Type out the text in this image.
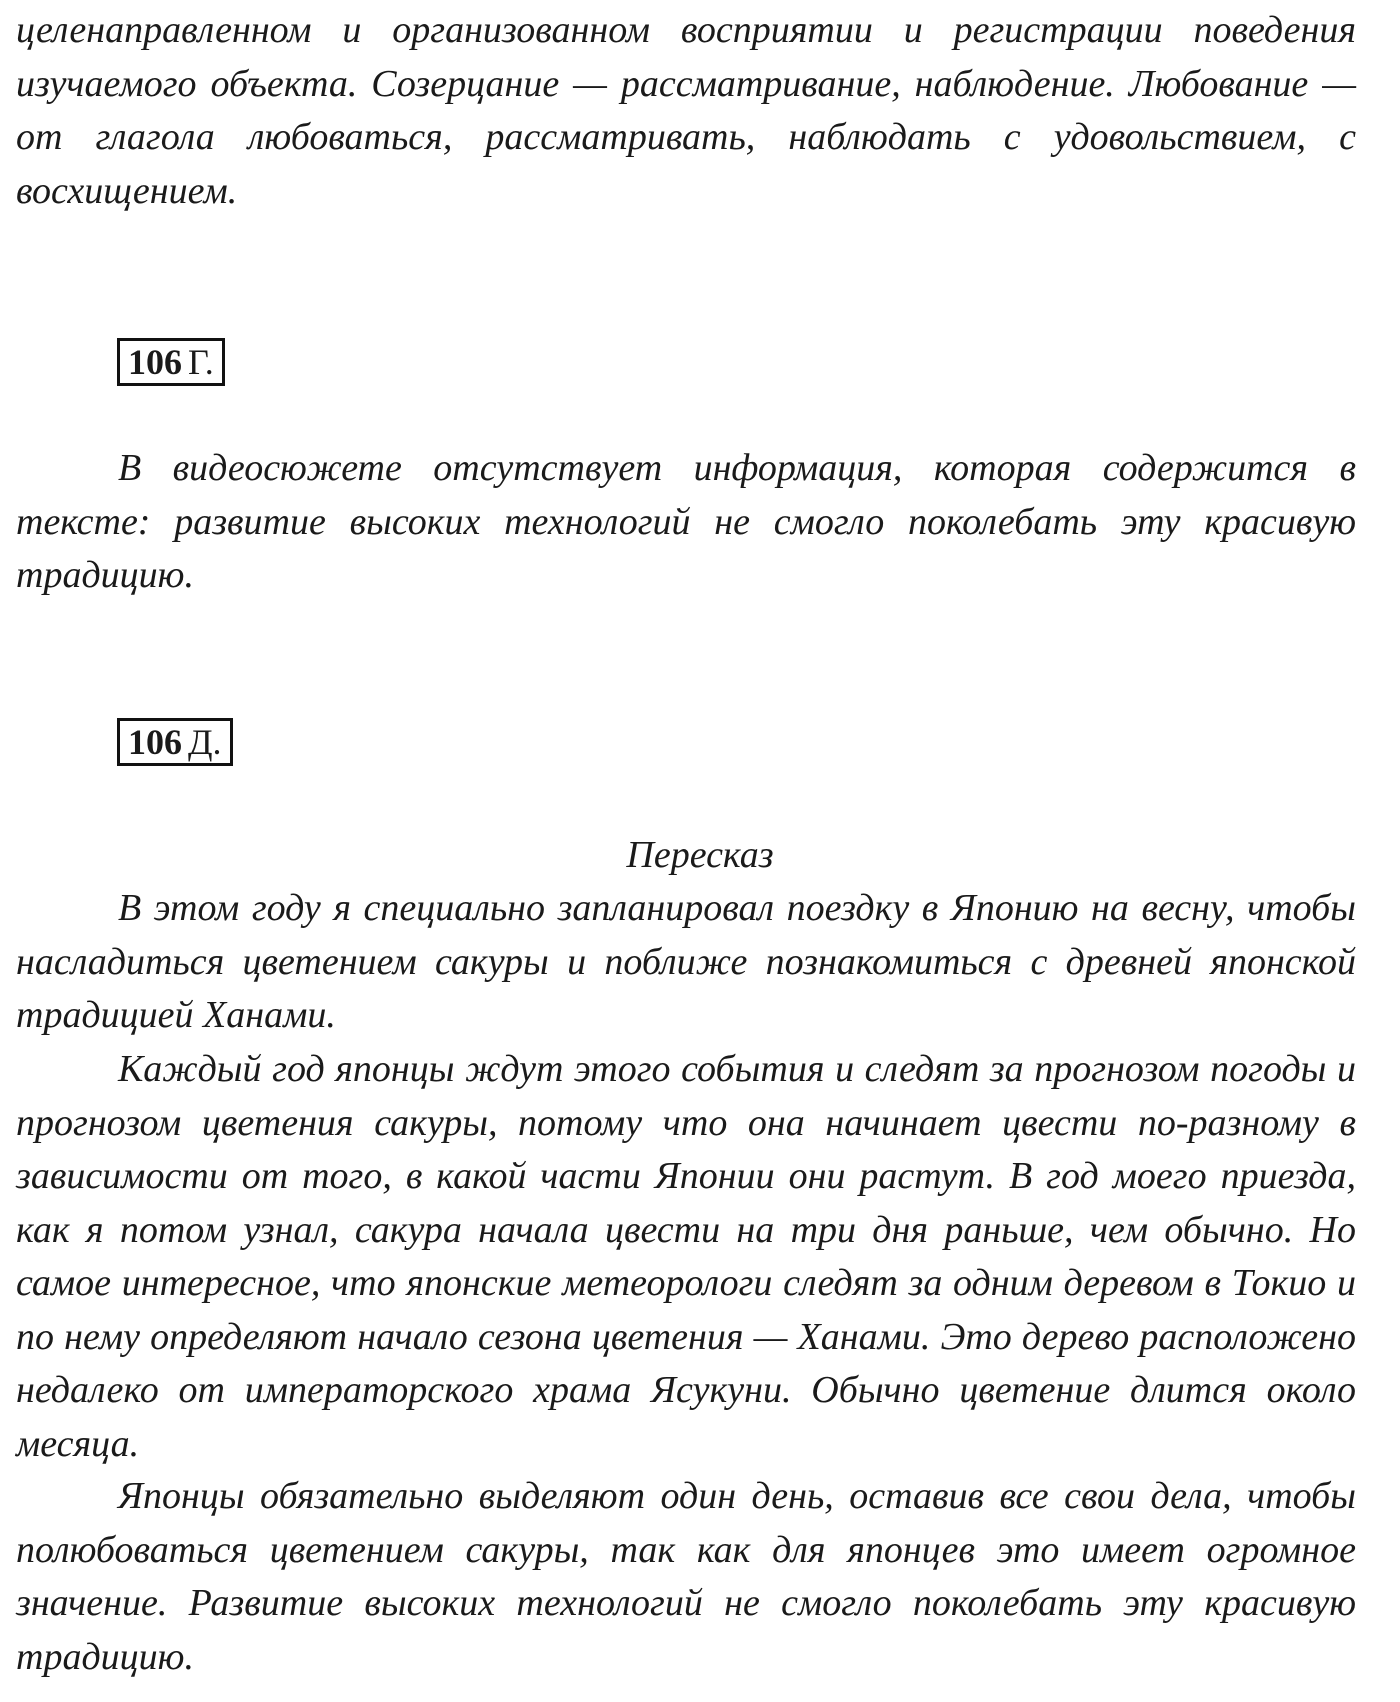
целенаправленном и организованном восприятии и регистрации поведения изучаемого объекта. Созерцание — рассматривание, наблюдение. Любование — от глагола любоваться, рассматривать, наблюдать с удовольствием, с восхищением.

106 Г.

В видеосюжете отсутствует информация, которая содержится в тексте: развитие высоких технологий не смогло поколебать эту красивую традицию.

106 Д.

Пересказ

В этом году я специально запланировал поездку в Японию на весну, чтобы насладиться цветением сакуры и поближе познакомиться с древней японской традицией Ханами.

Каждый год японцы ждут этого события и следят за прогнозом погоды и прогнозом цветения сакуры, потому что она начинает цвести по-разному в зависимости от того, в какой части Японии они растут. В год моего приезда, как я потом узнал, сакура начала цвести на три дня раньше, чем обычно. Но самое интересное, что японские метеорологи следят за одним деревом в Токио и по нему определяют начало сезона цветения — Ханами. Это дерево расположено недалеко от императорского храма Ясукуни. Обычно цветение длится около месяца.

Японцы обязательно выделяют один день, оставив все свои дела, чтобы полюбоваться цветением сакуры, так как для японцев это имеет огромное значение. Развитие высоких технологий не смогло поколебать эту красивую традицию.
